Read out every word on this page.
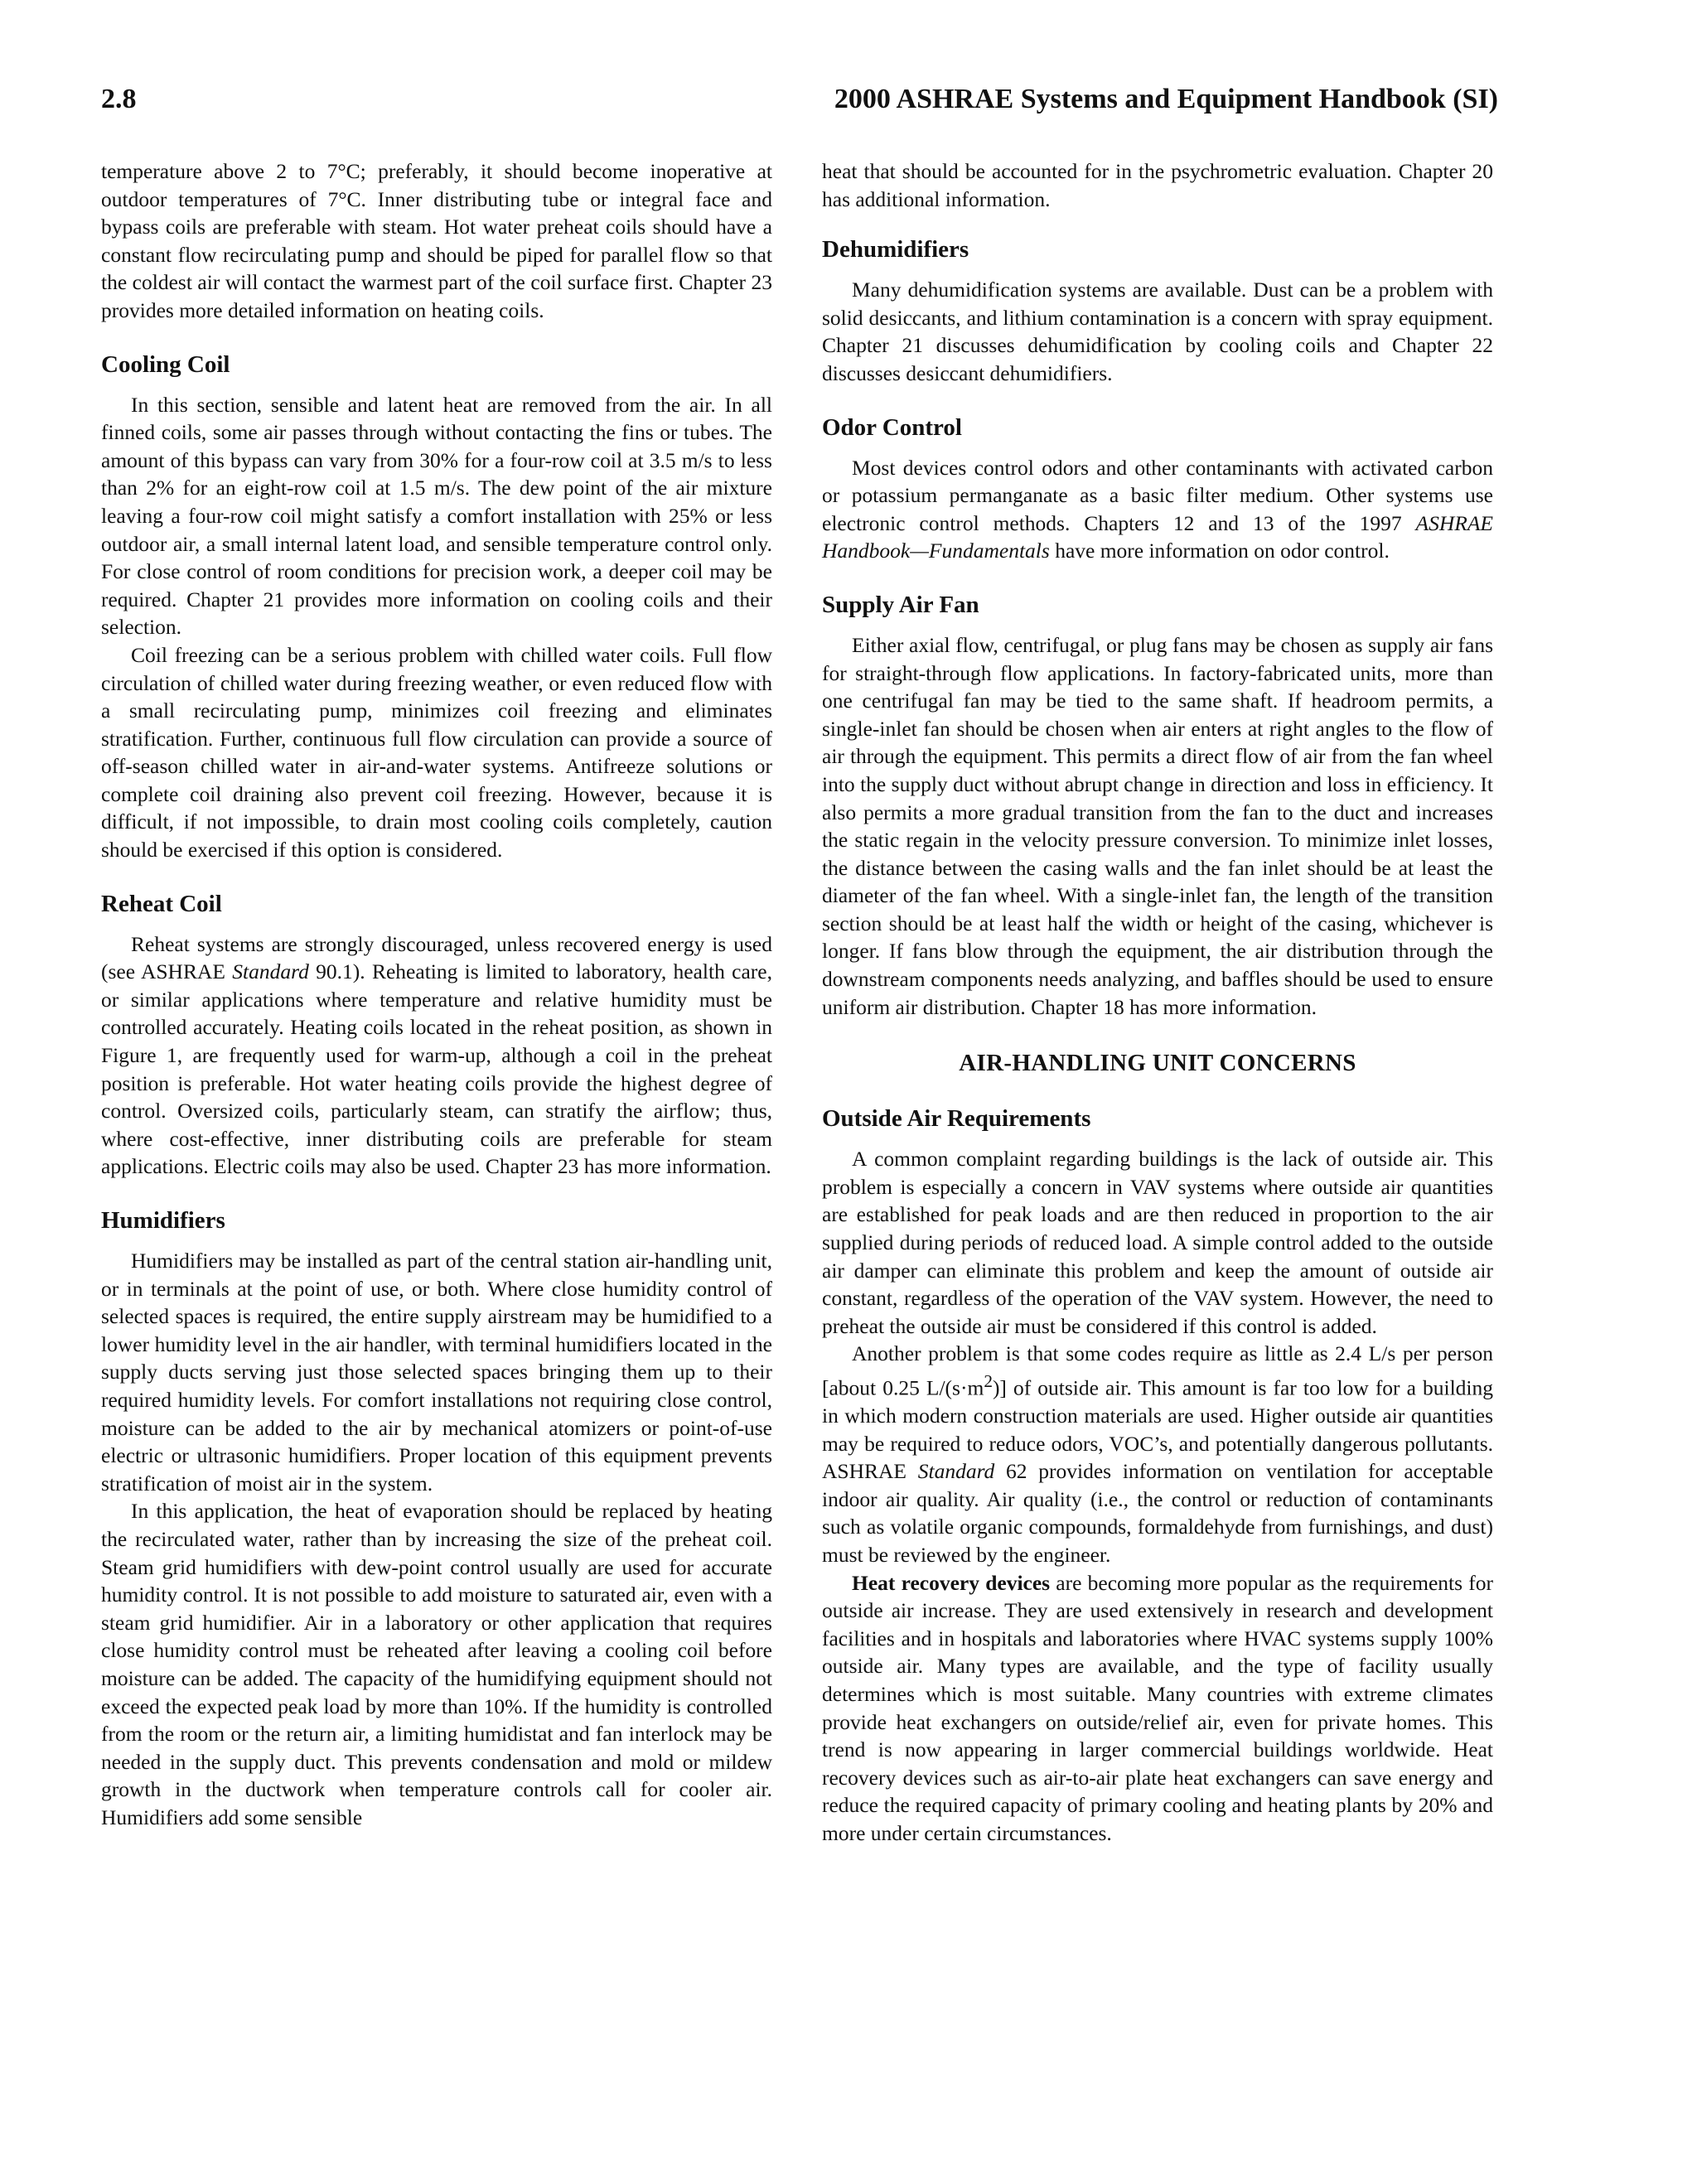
2.8	2000 ASHRAE Systems and Equipment Handbook (SI)

temperature above 2 to 7°C; preferably, it should become inoperative at outdoor temperatures of 7°C. Inner distributing tube or integral face and bypass coils are preferable with steam. Hot water preheat coils should have a constant flow recirculating pump and should be piped for parallel flow so that the coldest air will contact the warmest part of the coil surface first. Chapter 23 provides more detailed information on heating coils.

Cooling Coil

In this section, sensible and latent heat are removed from the air. In all finned coils, some air passes through without contacting the fins or tubes. The amount of this bypass can vary from 30% for a four-row coil at 3.5 m/s to less than 2% for an eight-row coil at 1.5 m/s. The dew point of the air mixture leaving a four-row coil might satisfy a comfort installation with 25% or less outdoor air, a small internal latent load, and sensible temperature control only. For close control of room conditions for precision work, a deeper coil may be required. Chapter 21 provides more information on cooling coils and their selection.

Coil freezing can be a serious problem with chilled water coils. Full flow circulation of chilled water during freezing weather, or even reduced flow with a small recirculating pump, minimizes coil freezing and eliminates stratification. Further, continuous full flow circulation can provide a source of off-season chilled water in air-and-water systems. Antifreeze solutions or complete coil draining also prevent coil freezing. However, because it is difficult, if not impossible, to drain most cooling coils completely, caution should be exercised if this option is considered.

Reheat Coil

Reheat systems are strongly discouraged, unless recovered energy is used (see ASHRAE Standard 90.1). Reheating is limited to laboratory, health care, or similar applications where temperature and relative humidity must be controlled accurately. Heating coils located in the reheat position, as shown in Figure 1, are frequently used for warm-up, although a coil in the preheat position is preferable. Hot water heating coils provide the highest degree of control. Oversized coils, particularly steam, can stratify the airflow; thus, where cost-effective, inner distributing coils are preferable for steam applications. Electric coils may also be used. Chapter 23 has more information.

Humidifiers

Humidifiers may be installed as part of the central station air-handling unit, or in terminals at the point of use, or both. Where close humidity control of selected spaces is required, the entire supply airstream may be humidified to a lower humidity level in the air handler, with terminal humidifiers located in the supply ducts serving just those selected spaces bringing them up to their required humidity levels. For comfort installations not requiring close control, moisture can be added to the air by mechanical atomizers or point-of-use electric or ultrasonic humidifiers. Proper location of this equipment prevents stratification of moist air in the system.

In this application, the heat of evaporation should be replaced by heating the recirculated water, rather than by increasing the size of the preheat coil. Steam grid humidifiers with dew-point control usually are used for accurate humidity control. It is not possible to add moisture to saturated air, even with a steam grid humidifier. Air in a laboratory or other application that requires close humidity control must be reheated after leaving a cooling coil before moisture can be added. The capacity of the humidifying equipment should not exceed the expected peak load by more than 10%. If the humidity is controlled from the room or the return air, a limiting humidistat and fan interlock may be needed in the supply duct. This prevents condensation and mold or mildew growth in the ductwork when temperature controls call for cooler air. Humidifiers add some sensible

heat that should be accounted for in the psychrometric evaluation. Chapter 20 has additional information.

Dehumidifiers

Many dehumidification systems are available. Dust can be a problem with solid desiccants, and lithium contamination is a concern with spray equipment. Chapter 21 discusses dehumidification by cooling coils and Chapter 22 discusses desiccant dehumidifiers.

Odor Control

Most devices control odors and other contaminants with activated carbon or potassium permanganate as a basic filter medium. Other systems use electronic control methods. Chapters 12 and 13 of the 1997 ASHRAE Handbook—Fundamentals have more information on odor control.

Supply Air Fan

Either axial flow, centrifugal, or plug fans may be chosen as supply air fans for straight-through flow applications. In factory-fabricated units, more than one centrifugal fan may be tied to the same shaft. If headroom permits, a single-inlet fan should be chosen when air enters at right angles to the flow of air through the equipment. This permits a direct flow of air from the fan wheel into the supply duct without abrupt change in direction and loss in efficiency. It also permits a more gradual transition from the fan to the duct and increases the static regain in the velocity pressure conversion. To minimize inlet losses, the distance between the casing walls and the fan inlet should be at least the diameter of the fan wheel. With a single-inlet fan, the length of the transition section should be at least half the width or height of the casing, whichever is longer. If fans blow through the equipment, the air distribution through the downstream components needs analyzing, and baffles should be used to ensure uniform air distribution. Chapter 18 has more information.

AIR-HANDLING UNIT CONCERNS
Outside Air Requirements

A common complaint regarding buildings is the lack of outside air. This problem is especially a concern in VAV systems where outside air quantities are established for peak loads and are then reduced in proportion to the air supplied during periods of reduced load. A simple control added to the outside air damper can eliminate this problem and keep the amount of outside air constant, regardless of the operation of the VAV system. However, the need to preheat the outside air must be considered if this control is added.

Another problem is that some codes require as little as 2.4 L/s per person [about 0.25 $L/(s\cdot m^2)$] of outside air. This amount is far too low for a building in which modern construction materials are used. Higher outside air quantities may be required to reduce odors, VOC’s, and potentially dangerous pollutants. ASHRAE Standard 62 provides information on ventilation for acceptable indoor air quality. Air quality (i.e., the control or reduction of contaminants such as volatile organic compounds, formaldehyde from furnishings, and dust) must be reviewed by the engineer.

Heat recovery devices are becoming more popular as the requirements for outside air increase. They are used extensively in research and development facilities and in hospitals and laboratories where HVAC systems supply 100% outside air. Many types are available, and the type of facility usually determines which is most suitable. Many countries with extreme climates provide heat exchangers on outside/relief air, even for private homes. This trend is now appearing in larger commercial buildings worldwide. Heat recovery devices such as air-to-air plate heat exchangers can save energy and reduce the required capacity of primary cooling and heating plants by 20% and more under certain circumstances.
